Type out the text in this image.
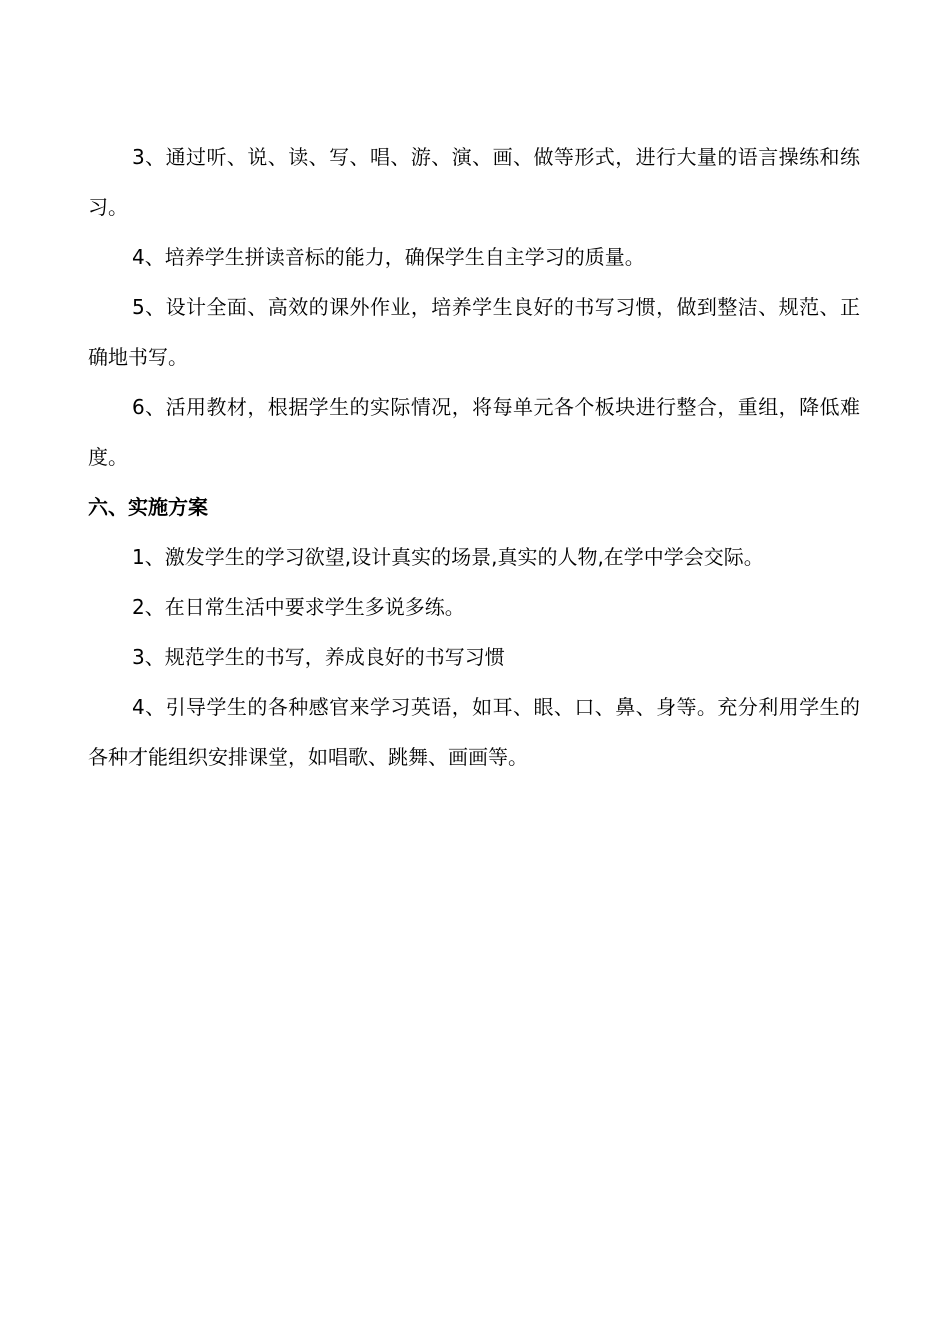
3、通过听、说、读、写、唱、游、演、画、做等形式，进行大量的语言操练和练习。

4、培养学生拼读音标的能力，确保学生自主学习的质量。

5、设计全面、高效的课外作业，培养学生良好的书写习惯，做到整洁、规范、正确地书写。

6、活用教材，根据学生的实际情况，将每单元各个板块进行整合，重组，降低难度。

六、实施方案

1、激发学生的学习欲望,设计真实的场景,真实的人物,在学中学会交际。

2、在日常生活中要求学生多说多练。

3、规范学生的书写，养成良好的书写习惯

4、引导学生的各种感官来学习英语，如耳、眼、口、鼻、身等。充分利用学生的各种才能组织安排课堂，如唱歌、跳舞、画画等。
